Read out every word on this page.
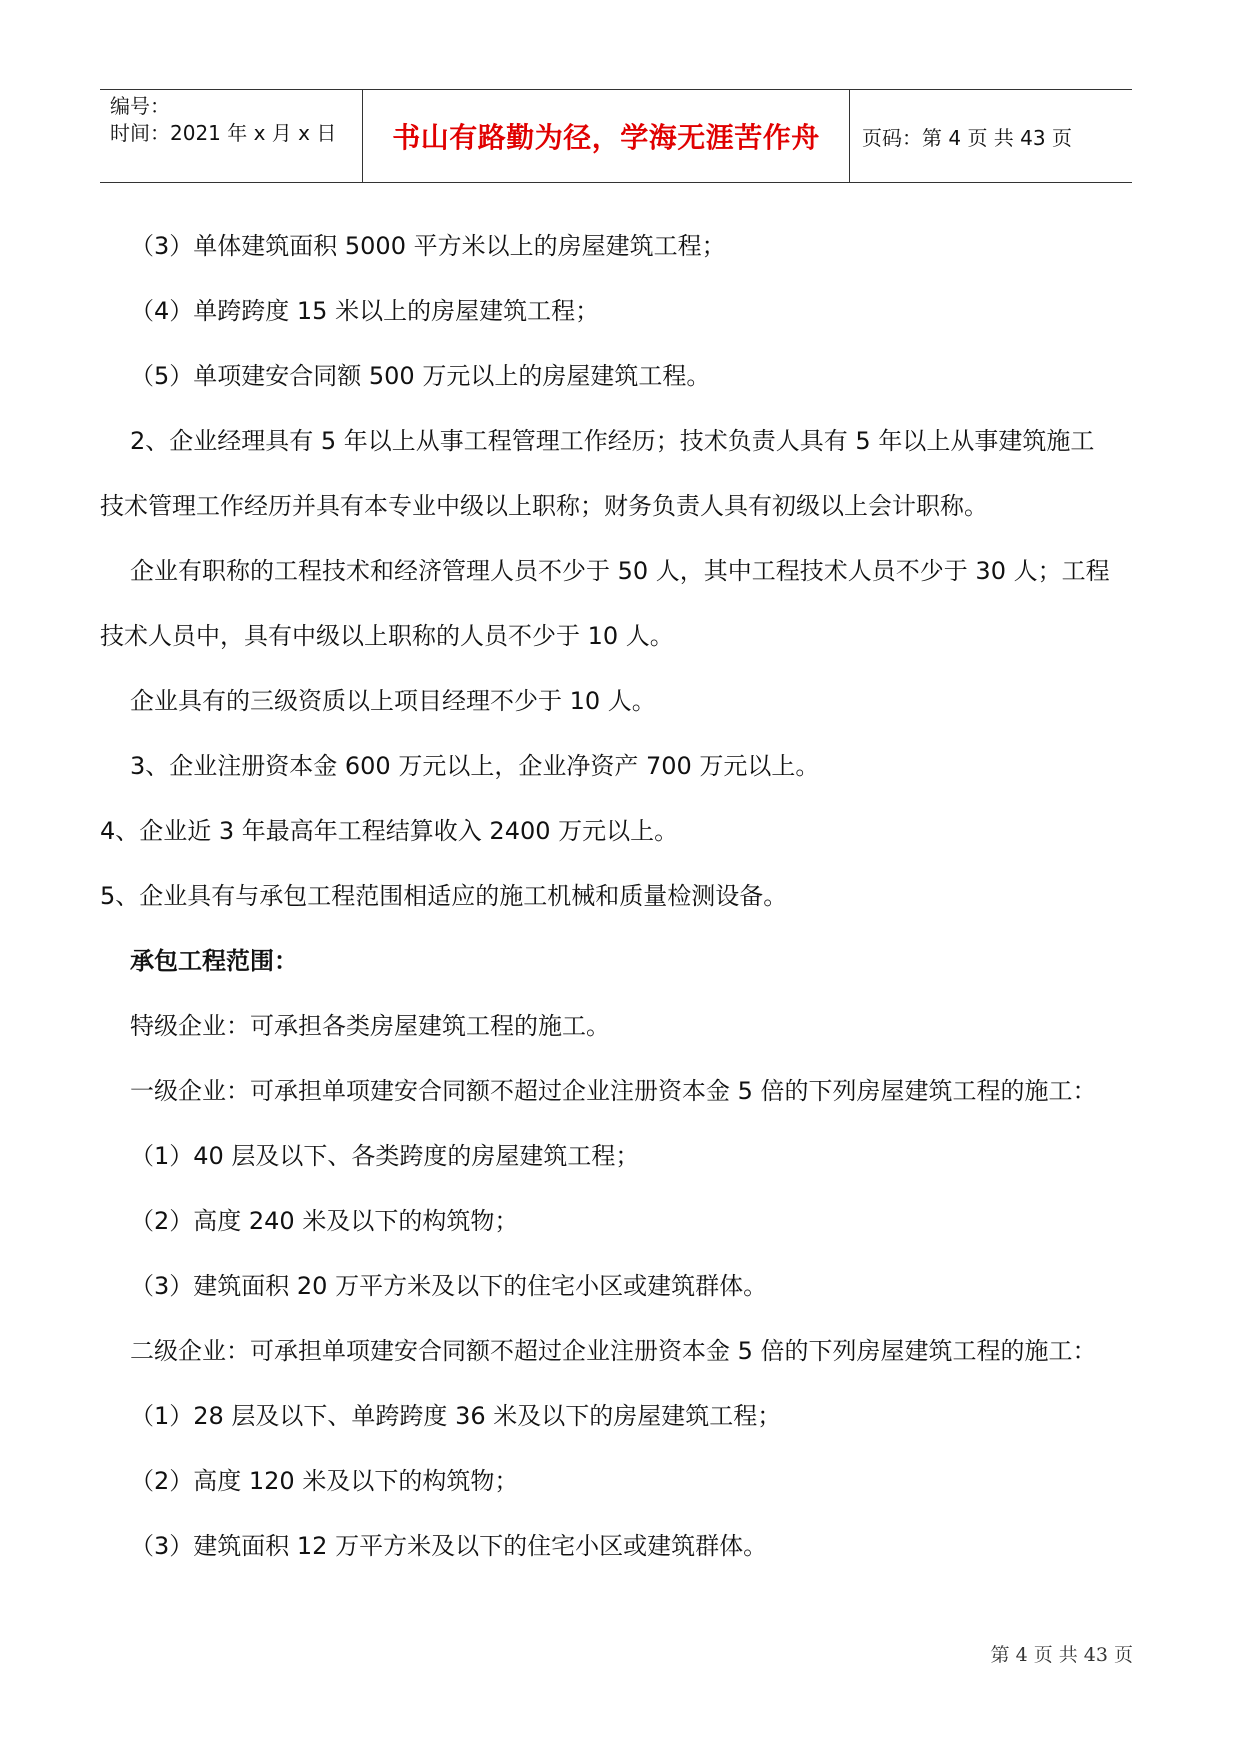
编号：
时间：2021 年 x 月 x 日	书山有路勤为径，学海无涯苦作舟 页码：第 4 页 共 43 页
（3）单体建筑面积 5000 平方米以上的房屋建筑工程；
（4）单跨跨度 15 米以上的房屋建筑工程；
（5）单项建安合同额 500 万元以上的房屋建筑工程。
2、企业经理具有 5 年以上从事工程管理工作经历；技术负责人具有 5 年以上从事建筑施工
技术管理工作经历并具有本专业中级以上职称；财务负责人具有初级以上会计职称。
企业有职称的工程技术和经济管理人员不少于 50 人，其中工程技术人员不少于 30 人；工程
技术人员中，具有中级以上职称的人员不少于 10 人。
企业具有的三级资质以上项目经理不少于 10 人。
3、企业注册资本金 600 万元以上，企业净资产 700 万元以上。
4、企业近 3 年最高年工程结算收入 2400 万元以上。
5、企业具有与承包工程范围相适应的施工机械和质量检测设备。
承包工程范围：
特级企业：可承担各类房屋建筑工程的施工。
一级企业：可承担单项建安合同额不超过企业注册资本金 5 倍的下列房屋建筑工程的施工：
（1）40 层及以下、各类跨度的房屋建筑工程；
（2）高度 240 米及以下的构筑物；
（3）建筑面积 20 万平方米及以下的住宅小区或建筑群体。
二级企业：可承担单项建安合同额不超过企业注册资本金 5 倍的下列房屋建筑工程的施工：
（1）28 层及以下、单跨跨度 36 米及以下的房屋建筑工程；
（2）高度 120 米及以下的构筑物；
（3）建筑面积 12 万平方米及以下的住宅小区或建筑群体。
第 4 页 共 43 页
